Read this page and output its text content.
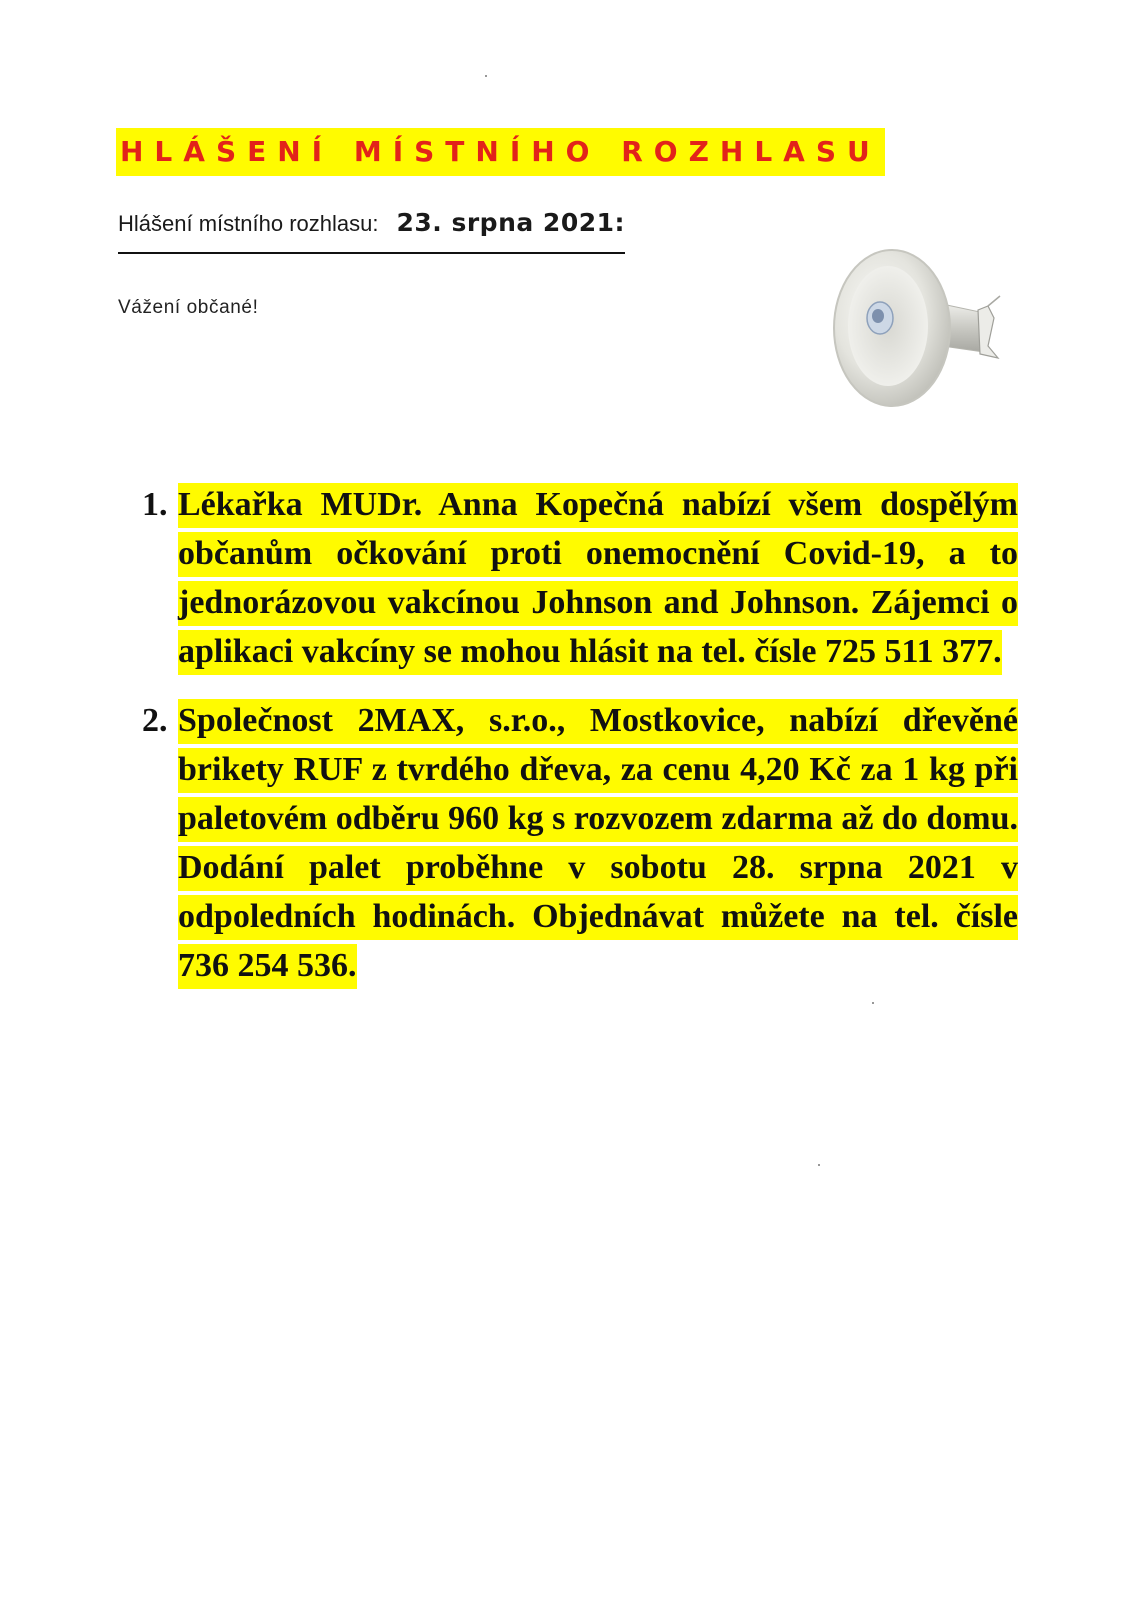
HLÁŠENÍ MÍSTNÍHO ROZHLASU
Hlášení místního rozhlasu: 23. srpna 2021:
Vážení občané!
1. Lékařka MUDr. Anna Kopečná nabízí všem dospělým občanům očkování proti onemocnění Covid-19, a to jednorázovou vakcínou Johnson and Johnson. Zájemci o aplikaci vakcíny se mohou hlásit na tel. čísle 725 511 377.
2. Společnost 2MAX, s.r.o., Mostkovice, nabízí dřevěné brikety RUF z tvrdého dřeva, za cenu 4,20 Kč za 1 kg při paletovém odběru 960 kg s rozvozem zdarma až do domu. Dodání palet proběhne v sobotu 28. srpna 2021 v odpoledních hodinách. Objednávat můžete na tel. čísle 736 254 536.
